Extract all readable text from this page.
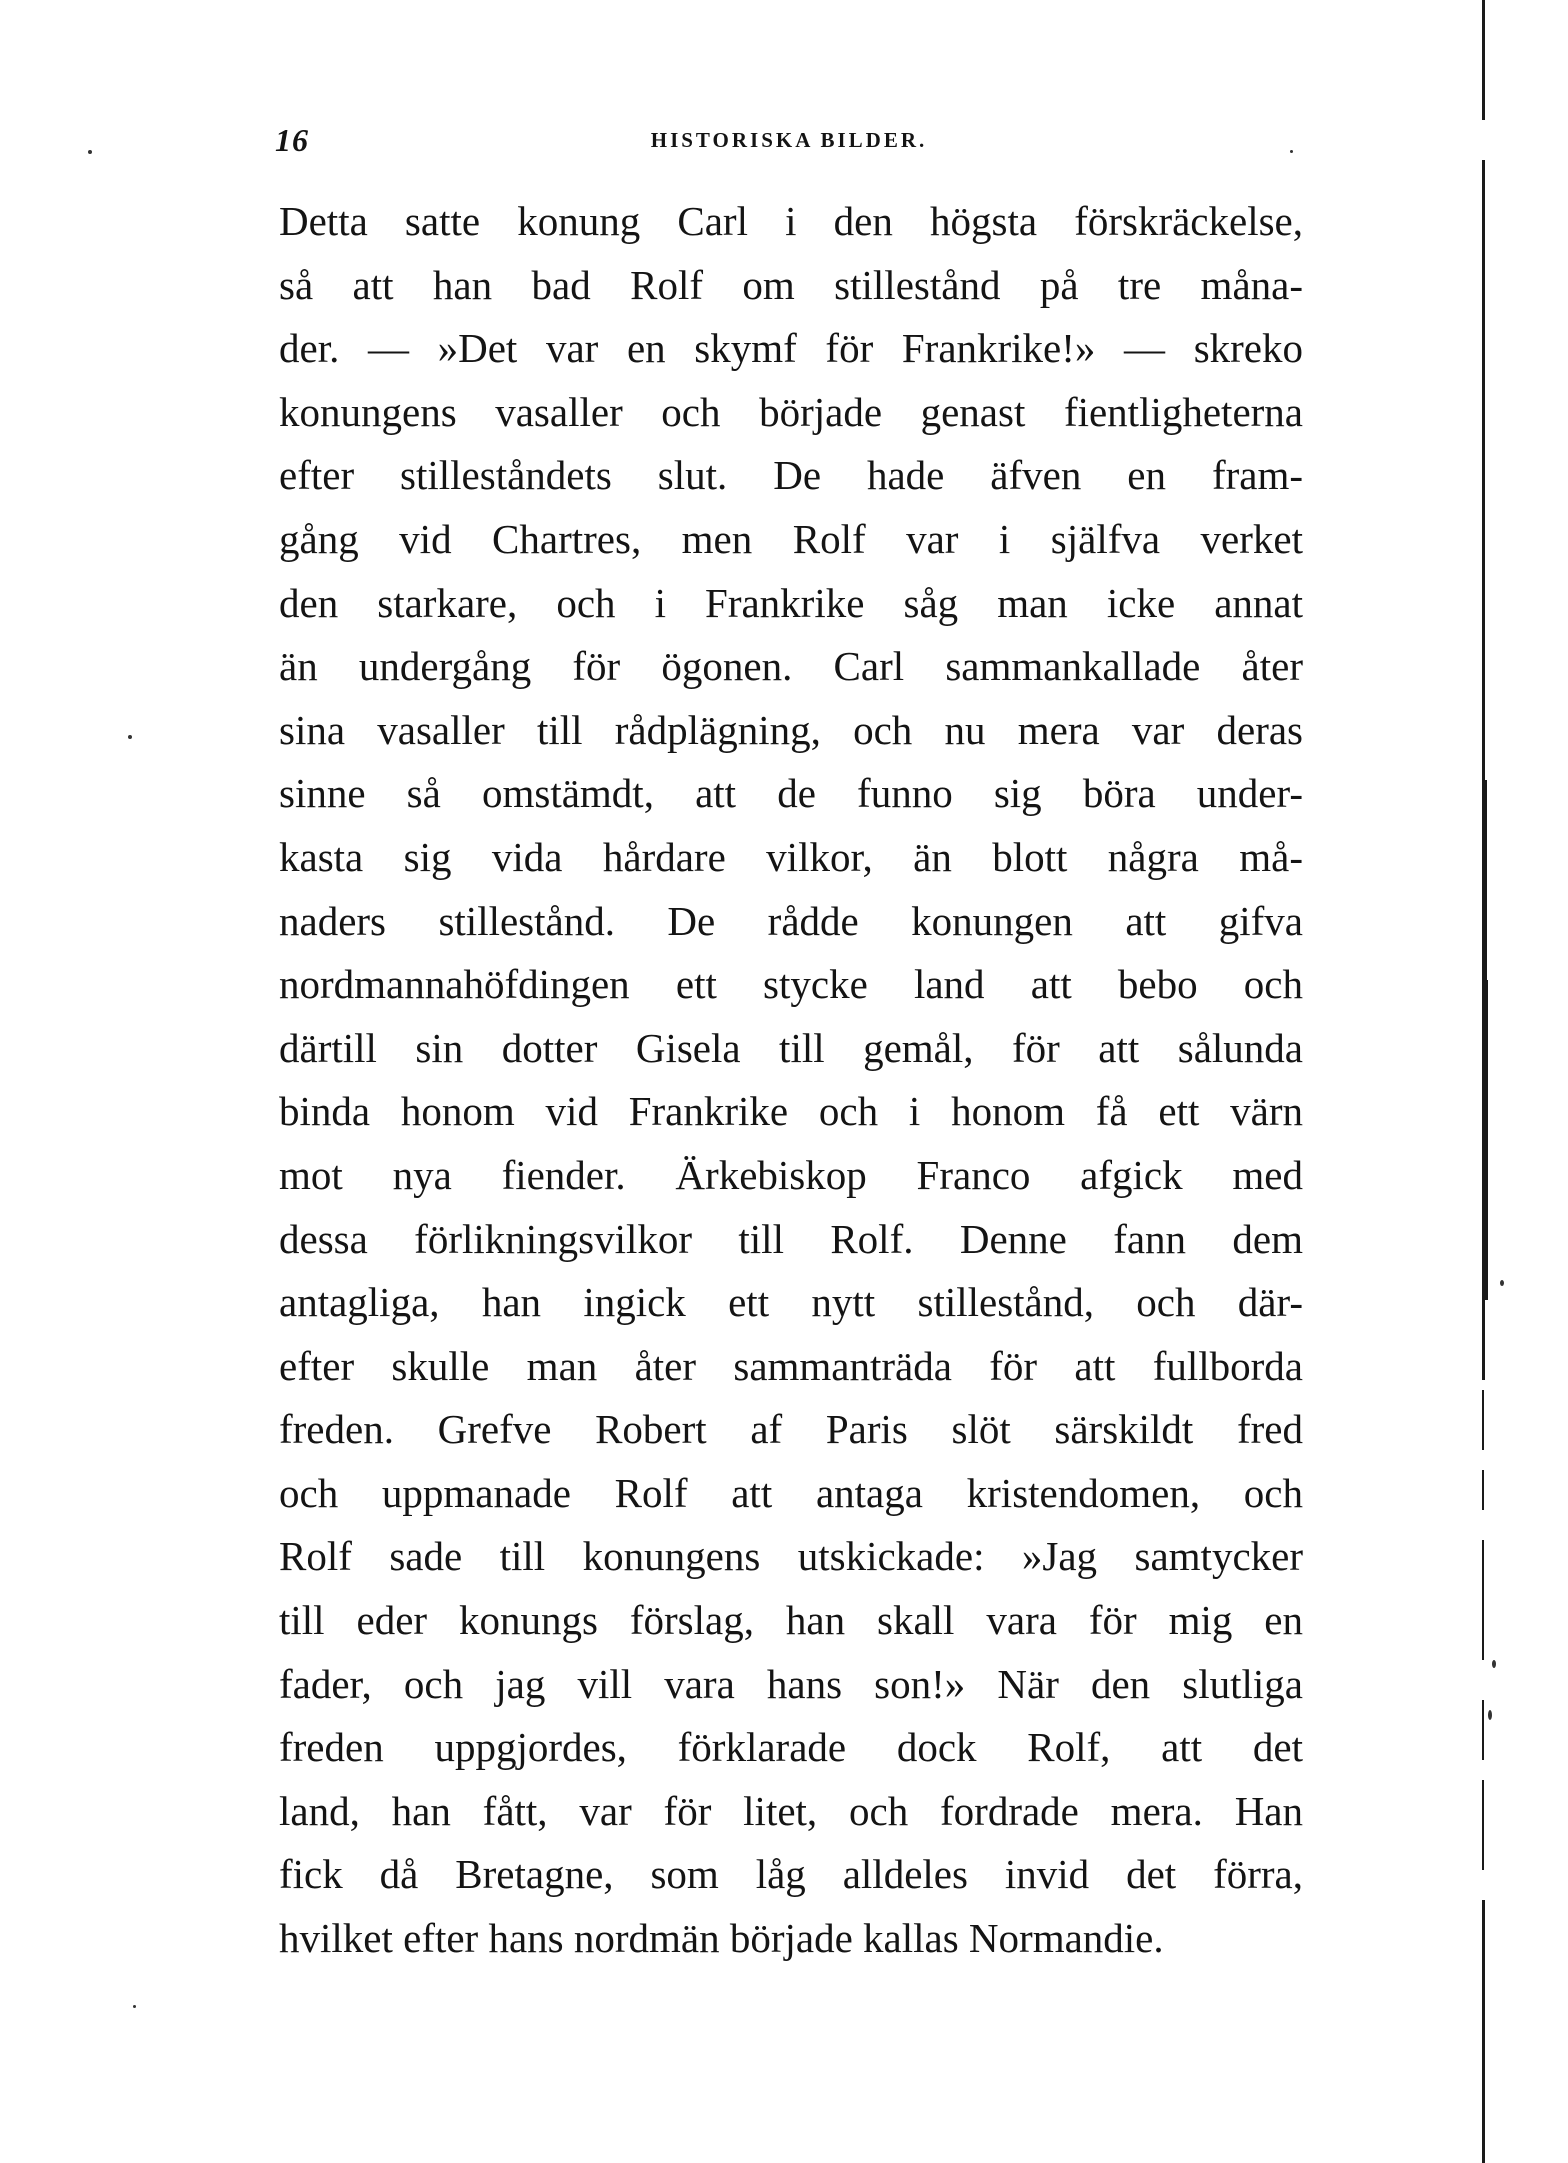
16	HISTORISKA BILDER.
Detta satte konung Carl i den högsta förskräckelse,
så att han bad Rolf om stillestånd på tre måna-
der. — »Det var en skymf för Frankrike!» — skreko
konungens vasaller och började genast fientligheterna
efter stilleståndets slut. De hade äfven en fram-
gång vid Chartres, men Rolf var i själfva verket
den starkare, och i Frankrike såg man icke annat
än undergång för ögonen. Carl sammankallade åter
sina vasaller till rådplägning, och nu mera var deras
sinne så omstämdt, att de funno sig böra under-
kasta sig vida hårdare vilkor, än blott några må-
naders stillestånd. De rådde konungen att gifva
nordmannahöfdingen ett stycke land att bebo och
därtill sin dotter Gisela till gemål, för att sålunda
binda honom vid Frankrike och i honom få ett värn
mot nya fiender. Ärkebiskop Franco afgick med
dessa förlikningsvilkor till Rolf. Denne fann dem
antagliga, han ingick ett nytt stillestånd, och där-
efter skulle man åter sammanträda för att fullborda
freden. Grefve Robert af Paris slöt särskildt fred
och uppmanade Rolf att antaga kristendomen, och
Rolf sade till konungens utskickade: »Jag samtycker
till eder konungs förslag, han skall vara för mig en
fader, och jag vill vara hans son!» När den slutliga
freden uppgjordes, förklarade dock Rolf, att det
land, han fått, var för litet, och fordrade mera. Han
fick då Bretagne, som låg alldeles invid det förra,
hvilket efter hans nordmän började kallas Normandie.
